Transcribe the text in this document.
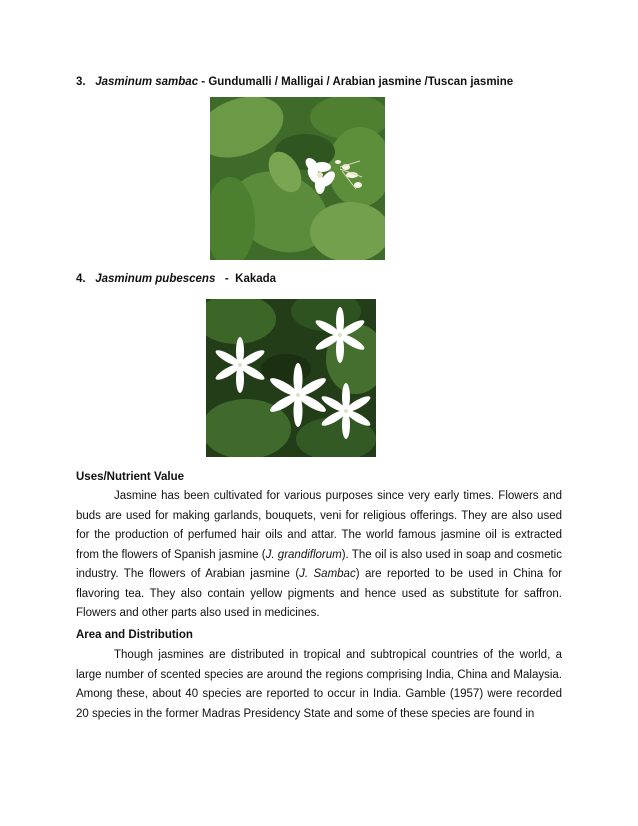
3. Jasminum sambac - Gundumalli / Malligai / Arabian jasmine /Tuscan jasmine
4. Jasminum pubescens   -  Kakada
Uses/Nutrient Value

Jasmine has been cultivated for various purposes since very early times. Flowers and buds are used for making garlands, bouquets, veni for religious offerings. They are also used for the production of perfumed hair oils and attar. The world famous jasmine oil is extracted from the flowers of Spanish jasmine (J. grandiflorum). The oil is also used in soap and cosmetic industry. The flowers of Arabian jasmine (J. Sambac) are reported to be used in China for flavoring tea. They also contain yellow pigments and hence used as substitute for saffron. Flowers and other parts also used in medicines.

Area and Distribution

Though jasmines are distributed in tropical and subtropical countries of the world, a large number of scented species are around the regions comprising India, China and Malaysia. Among these, about 40 species are reported to occur in India. Gamble (1957) were recorded 20 species in the former Madras Presidency State and some of these species are found in
